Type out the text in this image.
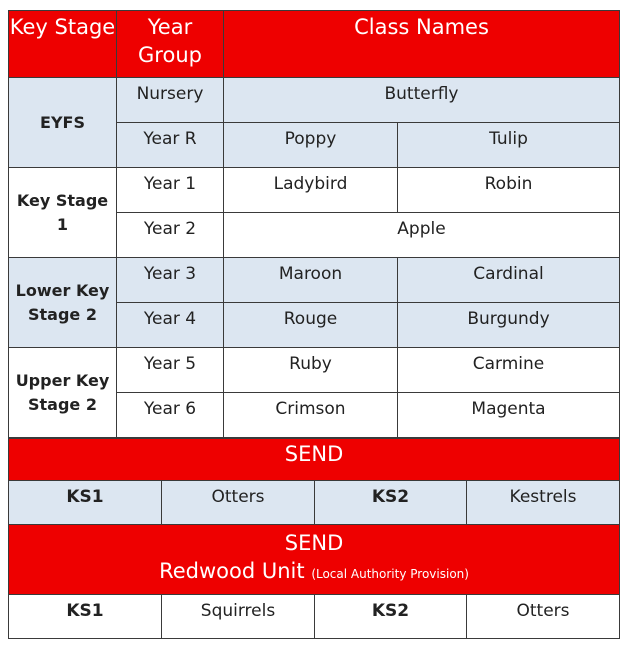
Key Stage	Year Group	Class Names	
EYFS	Nursery	Butterfly	
	Year R	Poppy	Tulip
Key Stage 1	Year 1	Ladybird	Robin
	Year 2	Apple	
Lower Key Stage 2	Year 3	Maroon	Cardinal
	Year 4	Rouge	Burgundy
Upper Key Stage 2	Year 5	Ruby	Carmine
	Year 6	Crimson	Magenta
SEND			
KS1	Otters	KS2	Kestrels

SEND
Redwood Unit (Local Authority Provision)			

KS1	Squirrels	KS2	Otters
